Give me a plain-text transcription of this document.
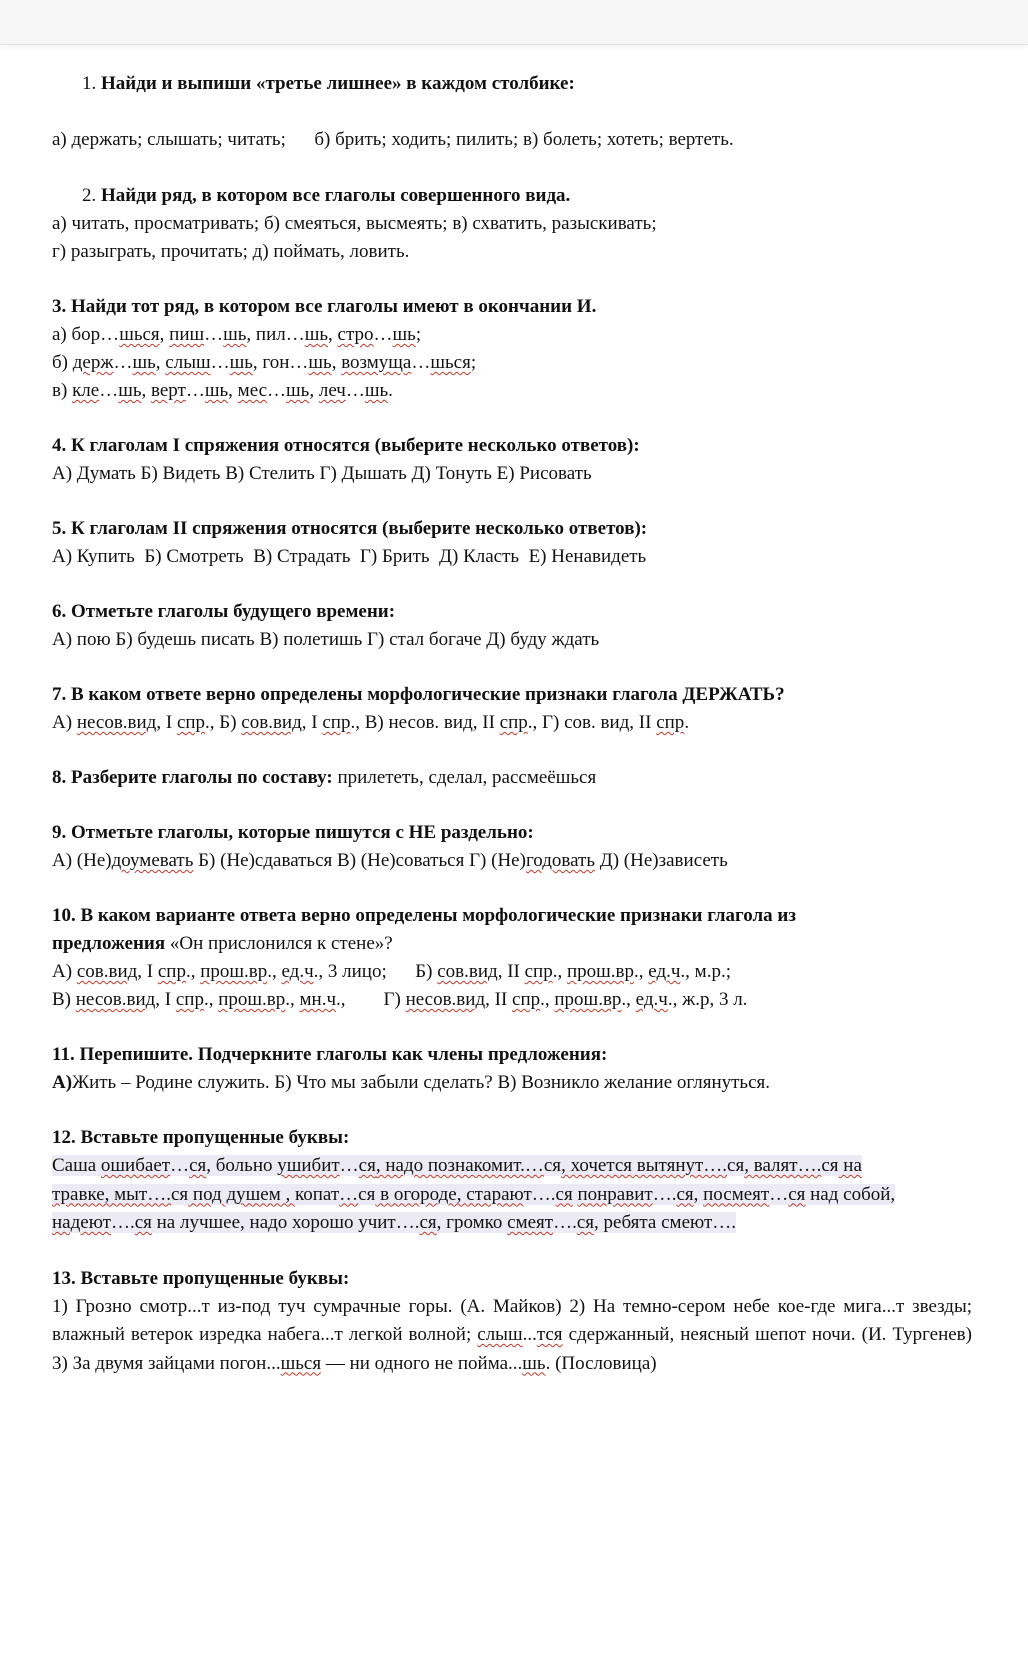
1. Найди и выпиши «третье лишнее» в каждом столбике:
а) держать; слышать; читать;      б) брить; ходить; пилить; в) болеть; хотеть; вертеть.
2. Найди ряд, в котором все глаголы совершенного вида.
а) читать, просматривать; б) смеяться, высмеять; в) схватить, разыскивать;
г) разыграть, прочитать; д) поймать, ловить.
3. Найди тот ряд, в котором все глаголы имеют в окончании И.
а) бор…шься, пиш…шь, пил…шь, стро…шь;
б) держ…шь, слыш…шь, гон…шь, возмуща…шься;
в) кле…шь, верт…шь, мес…шь, леч…шь.
4. К глаголам I спряжения относятся (выберите несколько ответов):
А) Думать Б) Видеть В) Стелить Г) Дышать Д) Тонуть Е) Рисовать
5. К глаголам II спряжения относятся (выберите несколько ответов):
А) Купить  Б) Смотреть  В) Страдать  Г) Брить  Д) Класть  Е) Ненавидеть
6. Отметьте глаголы будущего времени:
А) пою Б) будешь писать В) полетишь Г) стал богаче Д) буду ждать
7. В каком ответе верно определены морфологические признаки глагола ДЕРЖАТЬ?
А) несов.вид, I спр., Б) сов.вид, I спр., В) несов. вид, II спр., Г) сов. вид, II спр.
8. Разберите глаголы по составу: прилететь, сделал, рассмеёшься
9. Отметьте глаголы, которые пишутся с НЕ раздельно:
А) (Не)доумевать Б) (Не)сдаваться В) (Не)соваться Г) (Не)годовать Д) (Не)зависеть
10. В каком варианте ответа верно определены морфологические признаки глагола из предложения «Он прислонился к стене»?
А) сов.вид, I спр., прош.вр., ед.ч., 3 лицо;      Б) сов.вид, II спр., прош.вр., ед.ч., м.р.;
В) несов.вид, I спр., прош.вр., мн.ч.,        Г) несов.вид, II спр., прош.вр., ед.ч., ж.р, 3 л.
11. Перепишите. Подчеркните глаголы как члены предложения:
А)Жить – Родине служить. Б) Что мы забыли сделать? В) Возникло желание оглянуться.
12. Вставьте пропущенные буквы:
Саша ошибает…ся, больно ушибит…ся, надо познакомит.…ся, хочется вытянут….ся, валят….ся на травке, мыт….ся под душем , копат…ся в огороде, старают….ся понравит….ся, посмеят…ся над собой, надеют….ся на лучшее, надо хорошо учит….ся, громко смеят….ся, ребята смеют….
13. Вставьте пропущенные буквы:
1) Грозно смотр...т из-под туч сумрачные горы. (А. Майков) 2) На темно-сером небе кое-где мига...т звезды; влажный ветерок изредка набега...т легкой волной; слыш...тся сдержанный, неясный шепот ночи. (И. Тургенев) 3) За двумя зайцами погон...шься — ни одного не пойма...шь. (Пословица)
